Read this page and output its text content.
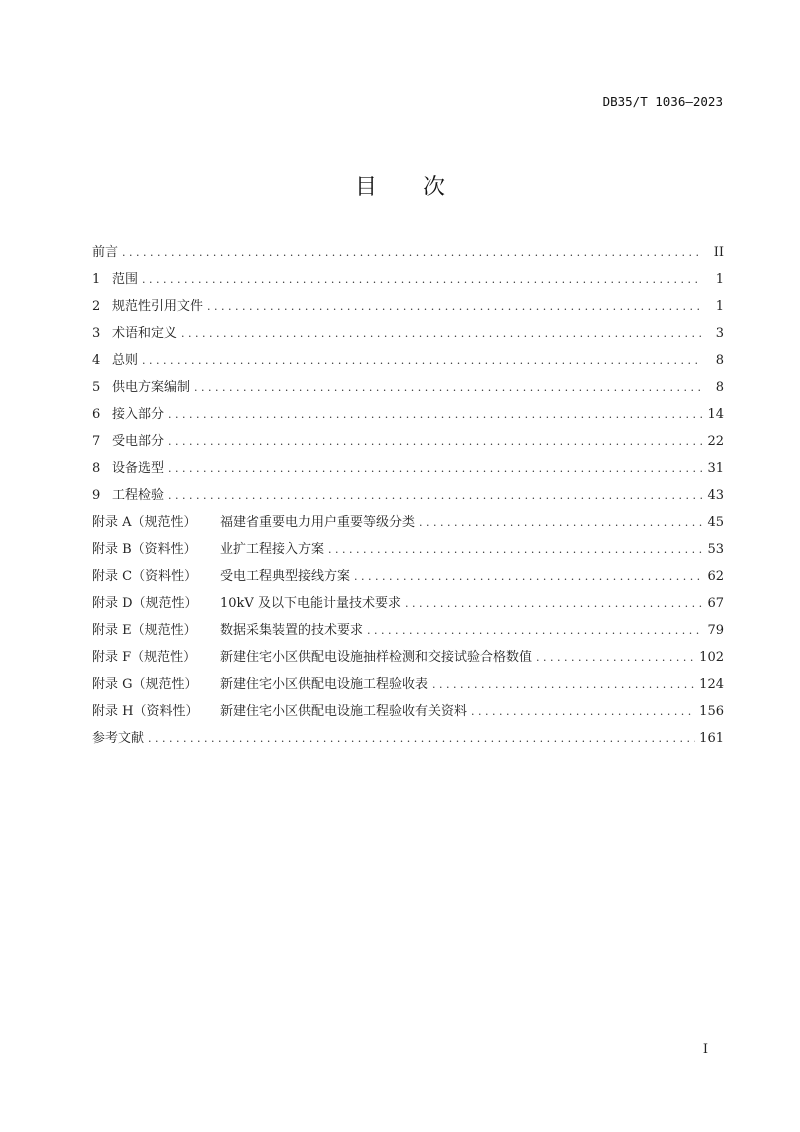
DB35/T 1036—2023
目 次
前言 . . .	II
1 范围 . . .	1
2 规范性引用文件 . . .	1
3 术语和定义 . . .	3
4 总则 . . .	8
5 供电方案编制 . . .	8
6 接入部分 . . .	14
7 受电部分 . . .	22
8 设备选型 . . .	31
9 工程检验 . . .	43
附录 A（规范性）	福建省重要电力用户重要等级分类 . . .	45
附录 B（资料性）	业扩工程接入方案 . . .	53
附录 C（资料性）	受电工程典型接线方案 . . .	62
附录 D（规范性）	10kV 及以下电能计量技术要求 . . .	67
附录 E（规范性）	数据采集装置的技术要求 . . .	79
附录 F（规范性）	新建住宅小区供配电设施抽样检测和交接试验合格数值 . . .	102
附录 G（规范性）	新建住宅小区供配电设施工程验收表 . . .	124
附录 H（资料性）	新建住宅小区供配电设施工程验收有关资料 . . .	156
参考文献 . . .	161
I
